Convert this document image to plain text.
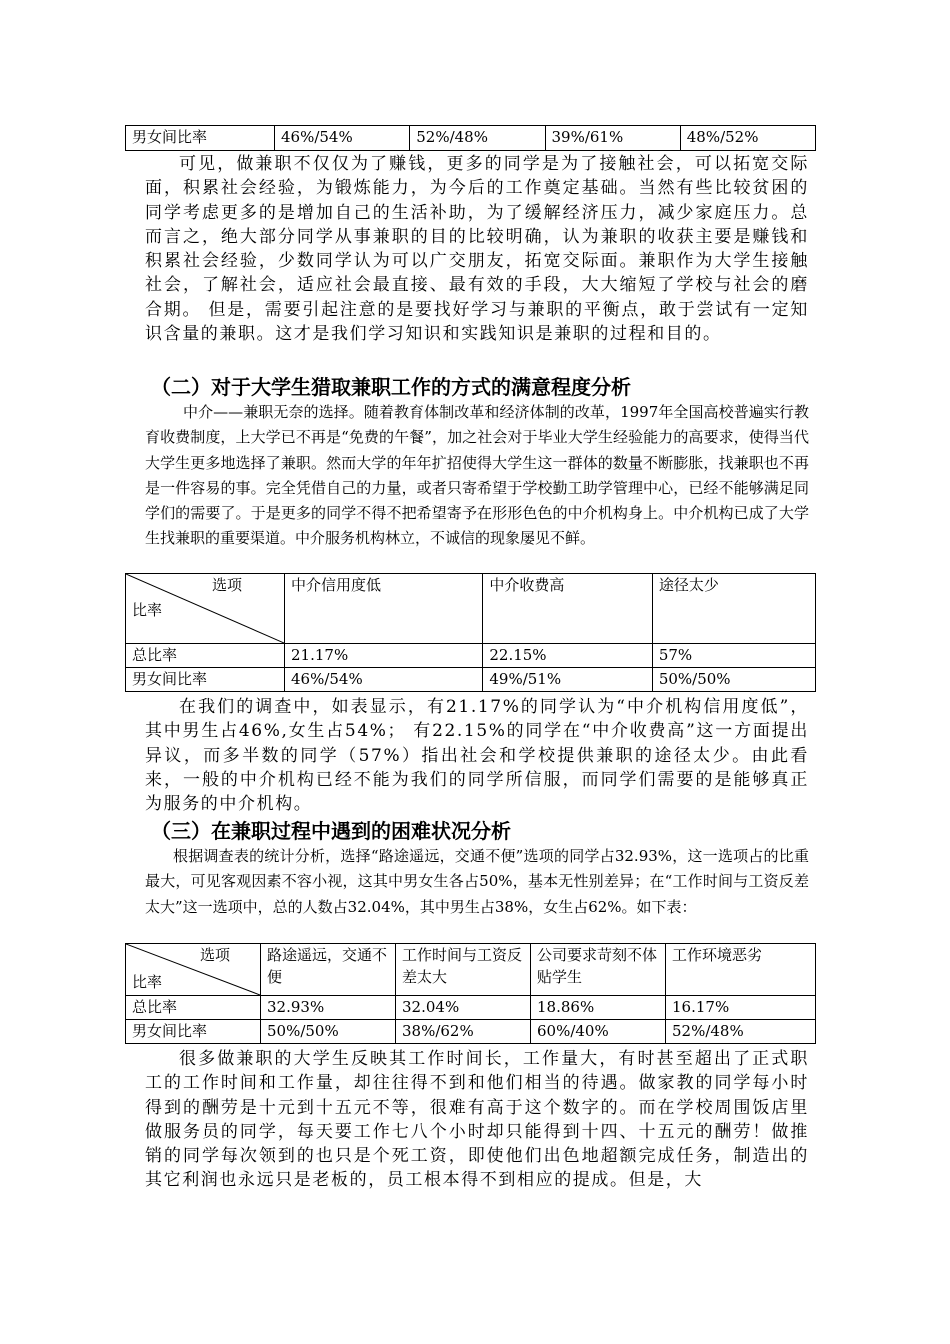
男女间比率	46%/54%	52%/48%	39%/61%	48%/52%
可见，做兼职不仅仅为了赚钱，更多的同学是为了接触社会，可以拓宽交际面，积累社会经验，为锻炼能力，为今后的工作奠定基础。当然有些比较贫困的同学考虑更多的是增加自己的生活补助，为了缓解经济压力，减少家庭压力。总而言之，绝大部分同学从事兼职的目的比较明确，认为兼职的收获主要是赚钱和积累社会经验，少数同学认为可以广交朋友，拓宽交际面。兼职作为大学生接触社会，了解社会，适应社会最直接、最有效的手段，大大缩短了学校与社会的磨合期。 但是，需要引起注意的是要找好学习与兼职的平衡点，敢于尝试有一定知识含量的兼职。这才是我们学习知识和实践知识是兼职的过程和目的。
（二）对于大学生猎取兼职工作的方式的满意程度分析
中介——兼职无奈的选择。随着教育体制改革和经济体制的改革，1997年全国高校普遍实行教育收费制度，上大学已不再是“免费的午餐”，加之社会对于毕业大学生经验能力的高要求，使得当代大学生更多地选择了兼职。然而大学的年年扩招使得大学生这一群体的数量不断膨胀，找兼职也不再是一件容易的事。完全凭借自己的力量，或者只寄希望于学校勤工助学管理中心，已经不能够满足同学们的需要了。于是更多的同学不得不把希望寄予在形形色色的中介机构身上。中介机构已成了大学生找兼职的重要渠道。中介服务机构林立，不诚信的现象屡见不鲜。
选项
比率	中介信用度低	中介收费高	途径太少
总比率	21.17%	22.15%	57%
男女间比率	46%/54%	49%/51%	50%/50%
在我们的调查中，如表显示，有21.17%的同学认为“中介机构信用度低”，其中男生占46%,女生占54%； 有22.15%的同学在“中介收费高”这一方面提出异议，而多半数的同学（57%）指出社会和学校提供兼职的途径太少。由此看来，一般的中介机构已经不能为我们的同学所信服，而同学们需要的是能够真正为服务的中介机构。
（三）在兼职过程中遇到的困难状况分析
根据调查表的统计分析，选择“路途遥远，交通不便”选项的同学占32.93%，这一选项占的比重最大，可见客观因素不容小视，这其中男女生各占50%，基本无性别差异；在“工作时间与工资反差太大”这一选项中，总的人数占32.04%，其中男生占38%，女生占62%。如下表：
选项
比率	路途遥远，交通不便	工作时间与工资反差太大	公司要求苛刻不体贴学生	工作环境恶劣
总比率	32.93%	32.04%	18.86%	16.17%
男女间比率	50%/50%	38%/62%	60%/40%	52%/48%
很多做兼职的大学生反映其工作时间长，工作量大，有时甚至超出了正式职工的工作时间和工作量，却往往得不到和他们相当的待遇。做家教的同学每小时得到的酬劳是十元到十五元不等，很难有高于这个数字的。而在学校周围饭店里做服务员的同学，每天要工作七八个小时却只能得到十四、十五元的酬劳！做推销的同学每次领到的也只是个死工资，即使他们出色地超额完成任务，制造出的其它利润也永远只是老板的，员工根本得不到相应的提成。但是，大
